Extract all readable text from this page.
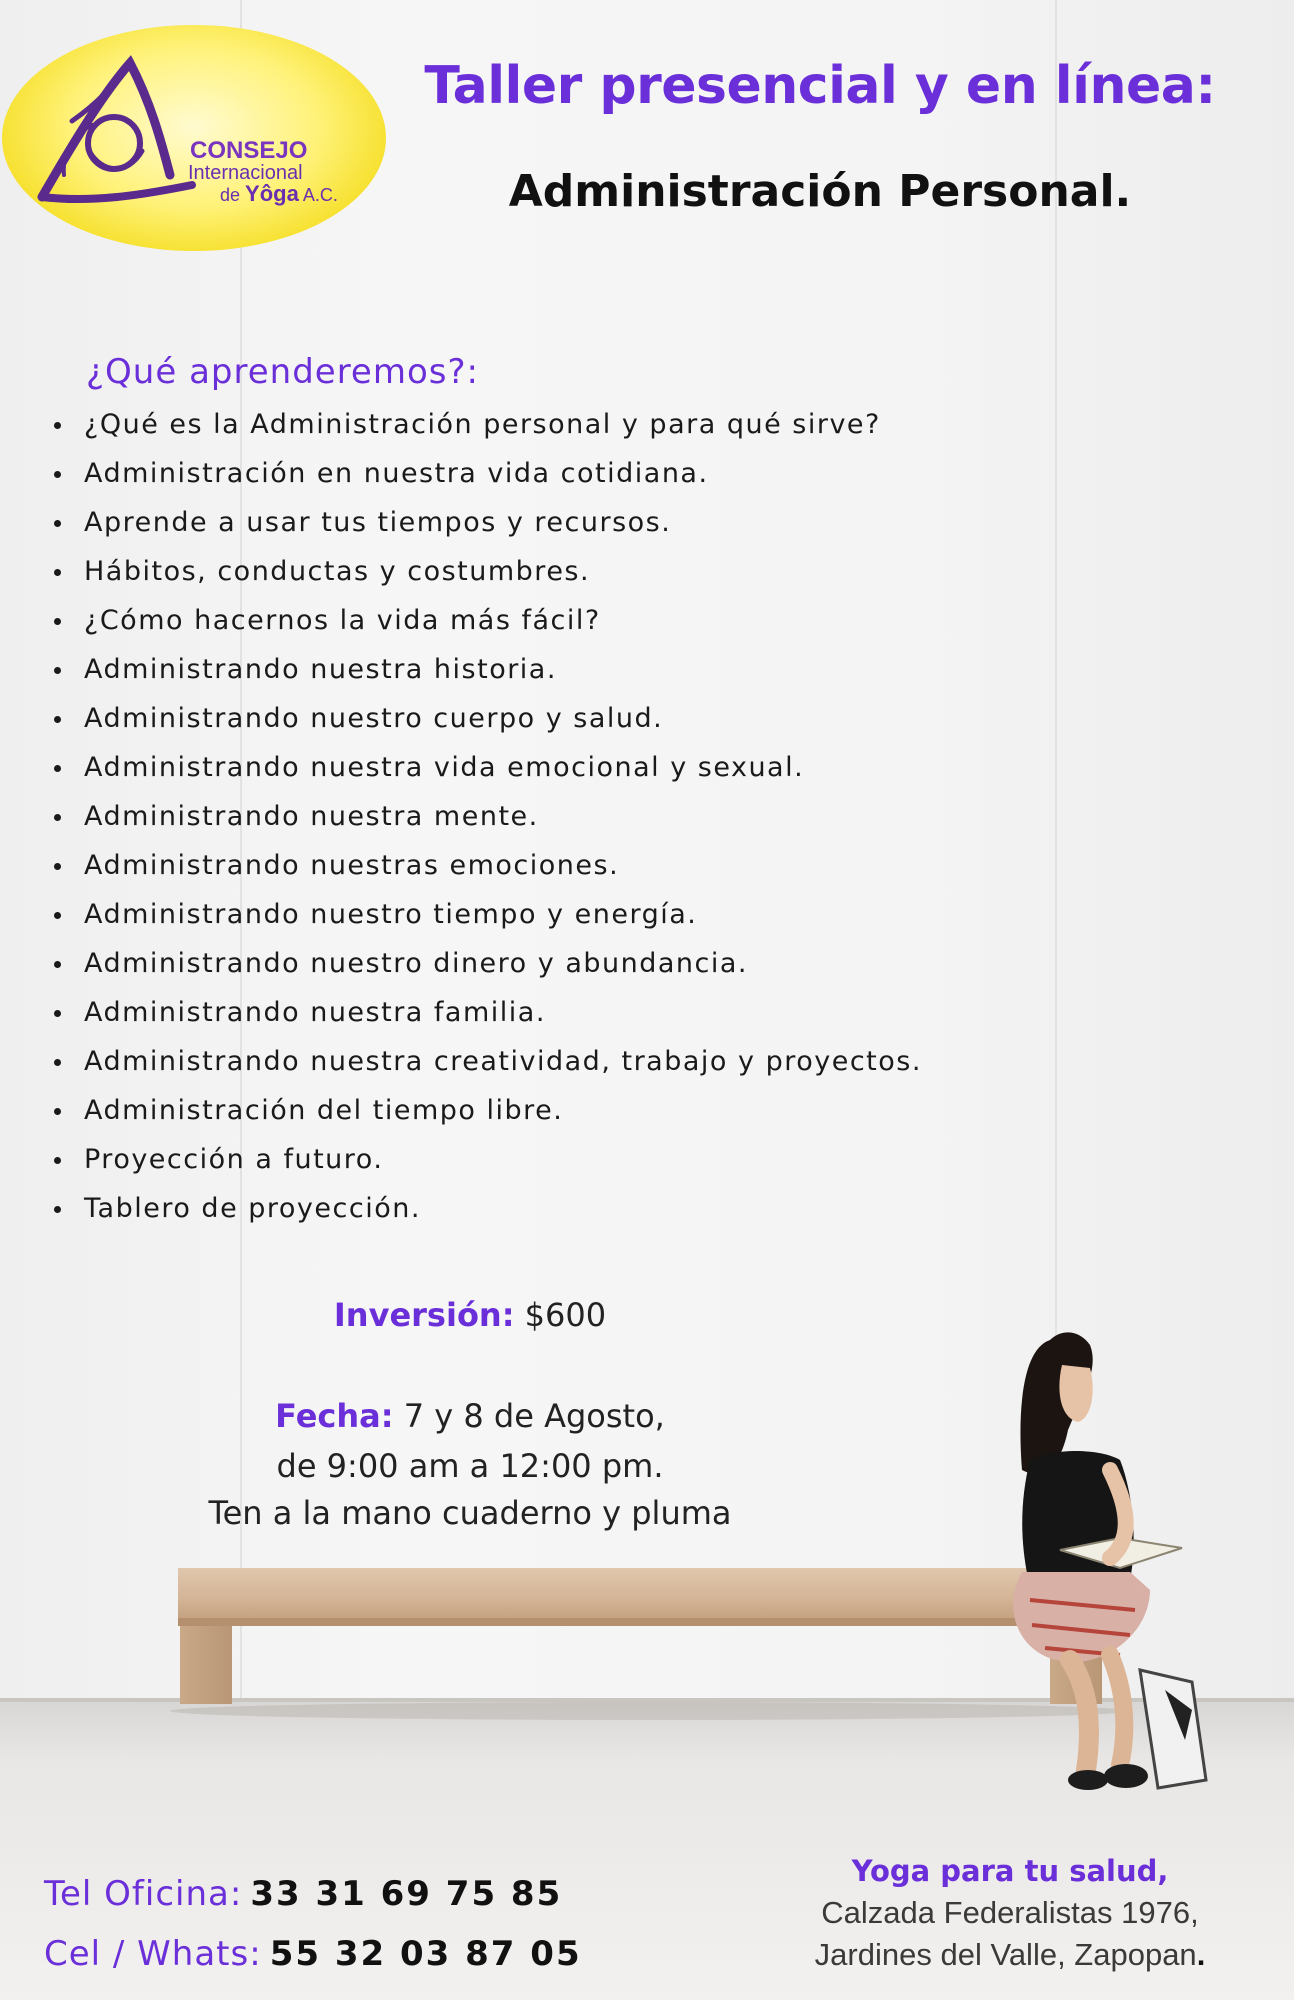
CONSEJO
Internacional
de Yôga A.C.
Taller presencial y en línea:
Administración Personal.
¿Qué aprenderemos?:
¿Qué es la Administración personal y para qué sirve?
Administración en nuestra vida cotidiana.
Aprende a usar tus tiempos y recursos.
Hábitos, conductas y costumbres.
¿Cómo hacernos la vida más fácil?
Administrando nuestra historia.
Administrando nuestro cuerpo y salud.
Administrando nuestra vida emocional y sexual.
Administrando nuestra mente.
Administrando nuestras emociones.
Administrando nuestro tiempo y energía.
Administrando nuestro dinero y abundancia.
Administrando nuestra familia.
Administrando nuestra creatividad, trabajo y proyectos.
Administración del tiempo libre.
Proyección a futuro.
Tablero de proyección.
Inversión: $600
Fecha: 7 y 8 de Agosto,
de 9:00 am a 12:00 pm.
Ten a la mano cuaderno y pluma
Tel Oficina: 33 31 69 75 85
Cel / Whats: 55 32 03 87 05
Yoga para tu salud,
Calzada Federalistas 1976,
Jardines del Valle, Zapopan.
